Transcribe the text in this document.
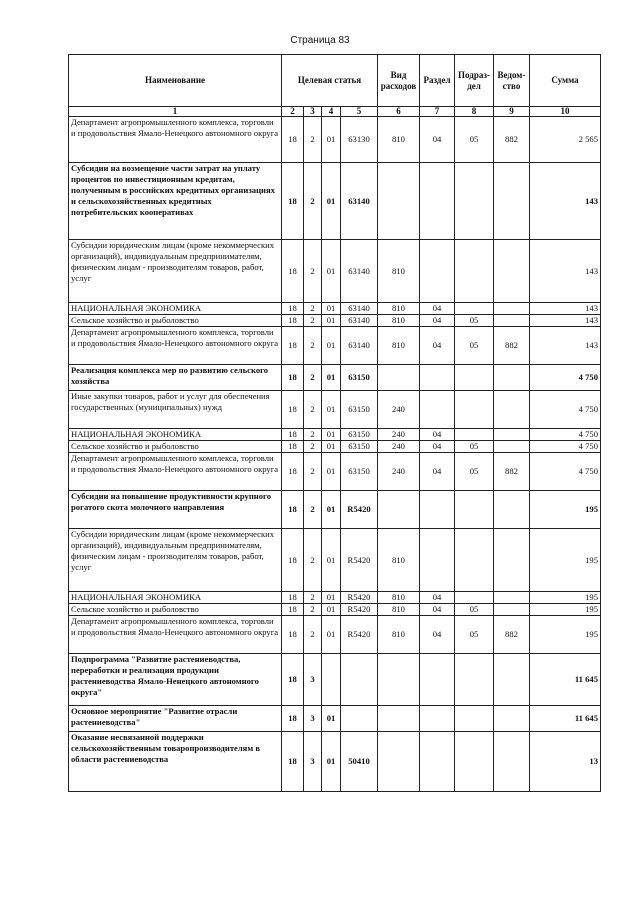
Страница 83
Наименование	Целевая статья				Вид расходов	Раздел	Подраз-дел	Ведом-ство	Сумма
1	2	3	4	5	6	7	8	9	10
Департамент агропромышленного комплекса, торговли и продовольствия Ямало-Ненецкого автономного округа	18	2	01	63130	810	04	05	882	2 565
Субсидии на возмещение части затрат на уплату процентов по инвестиционным кредитам, полученным в российских кредитных организациях и сельскохозяйственных кредитных потребительских кооперативах	18	2	01	63140					143
Субсидии юридическим лицам (кроме некоммерческих организаций), индивидуальным предпринимателям, физическим лицам - производителям товаров, работ, услуг	18	2	01	63140	810				143
НАЦИОНАЛЬНАЯ ЭКОНОМИКА	18	2	01	63140	810	04			143
Сельское хозяйство и рыболовство	18	2	01	63140	810	04	05		143
Департамент агропромышленного комплекса, торговли и продовольствия Ямало-Ненецкого автономного округа	18	2	01	63140	810	04	05	882	143
Реализация комплекса мер по развитию сельского хозяйства	18	2	01	63150					4 750
Иные закупки товаров, работ и услуг для обеспечения государственных (муниципальных) нужд	18	2	01	63150	240				4 750
НАЦИОНАЛЬНАЯ ЭКОНОМИКА	18	2	01	63150	240	04			4 750
Сельское хозяйство и рыболовство	18	2	01	63150	240	04	05		4 750
Департамент агропромышленного комплекса, торговли и продовольствия Ямало-Ненецкого автономного округа	18	2	01	63150	240	04	05	882	4 750
Субсидии на повышение продуктивности крупного рогатого скота молочного направления	18	2	01	R5420					195
Субсидии юридическим лицам (кроме некоммерческих организаций), индивидуальным предпринимателям, физическим лицам - производителям товаров, работ, услуг	18	2	01	R5420	810				195
НАЦИОНАЛЬНАЯ ЭКОНОМИКА	18	2	01	R5420	810	04			195
Сельское хозяйство и рыболовство	18	2	01	R5420	810	04	05		195
Департамент агропромышленного комплекса, торговли и продовольствия Ямало-Ненецкого автономного округа	18	2	01	R5420	810	04	05	882	195
Подпрограмма "Развитие растениеводства, переработки и реализации продукции растениеводства Ямало-Ненецкого автономного округа"	18	3							11 645
Основное мероприятие "Развитие отрасли растениеводства"	18	3	01						11 645
Оказание несвязанной поддержки сельскохозяйственным товаропроизводителям в области растениеводства	18	3	01	50410					13
